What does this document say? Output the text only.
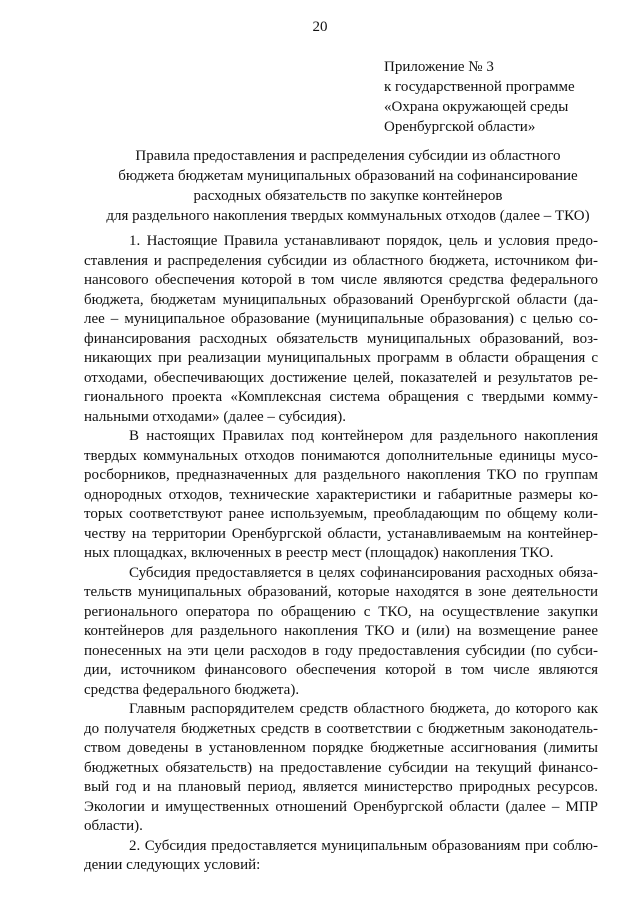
20
Приложение № 3
к государственной программе
«Охрана окружающей среды
Оренбургской области»
Правила предоставления и распределения субсидии из областного
бюджета бюджетам муниципальных образований на софинансирование
расходных обязательств по закупке контейнеров
для раздельного накопления твердых коммунальных отходов (далее – ТКО)
1. Настоящие Правила устанавливают порядок, цель и условия предо-
ставления и распределения субсидии из областного бюджета, источником фи-
нансового обеспечения которой в том числе являются средства федерального
бюджета, бюджетам муниципальных образований Оренбургской области (да-
лее – муниципальное образование (муниципальные образования) с целью со-
финансирования расходных обязательств муниципальных образований, воз-
никающих при реализации муниципальных программ в области обращения с
отходами, обеспечивающих достижение целей, показателей и результатов ре-
гионального проекта «Комплексная система обращения с твердыми комму-
нальными отходами» (далее – субсидия).
В настоящих Правилах под контейнером для раздельного накопления
твердых коммунальных отходов понимаются дополнительные единицы мусо-
росборников, предназначенных для раздельного накопления ТКО по группам
однородных отходов, технические характеристики и габаритные размеры ко-
торых соответствуют ранее используемым, преобладающим по общему коли-
честву на территории Оренбургской области, устанавливаемым на контейнер-
ных площадках, включенных в реестр мест (площадок) накопления ТКО.
Субсидия предоставляется в целях софинансирования расходных обяза-
тельств муниципальных образований, которые находятся в зоне деятельности
регионального оператора по обращению с ТКО, на осуществление закупки
контейнеров для раздельного накопления ТКО и (или) на возмещение ранее
понесенных на эти цели расходов в году предоставления субсидии (по субси-
дии, источником финансового обеспечения которой в том числе являются
средства федерального бюджета).
Главным распорядителем средств областного бюджета, до которого как
до получателя бюджетных средств в соответствии с бюджетным законодатель-
ством доведены в установленном порядке бюджетные ассигнования (лимиты
бюджетных обязательств) на предоставление субсидии на текущий финансо-
вый год и на плановый период, является министерство природных ресурсов.
Экологии и имущественных отношений Оренбургской области (далее – МПР
области).
2. Субсидия предоставляется муниципальным образованиям при соблю-
дении следующих условий:
